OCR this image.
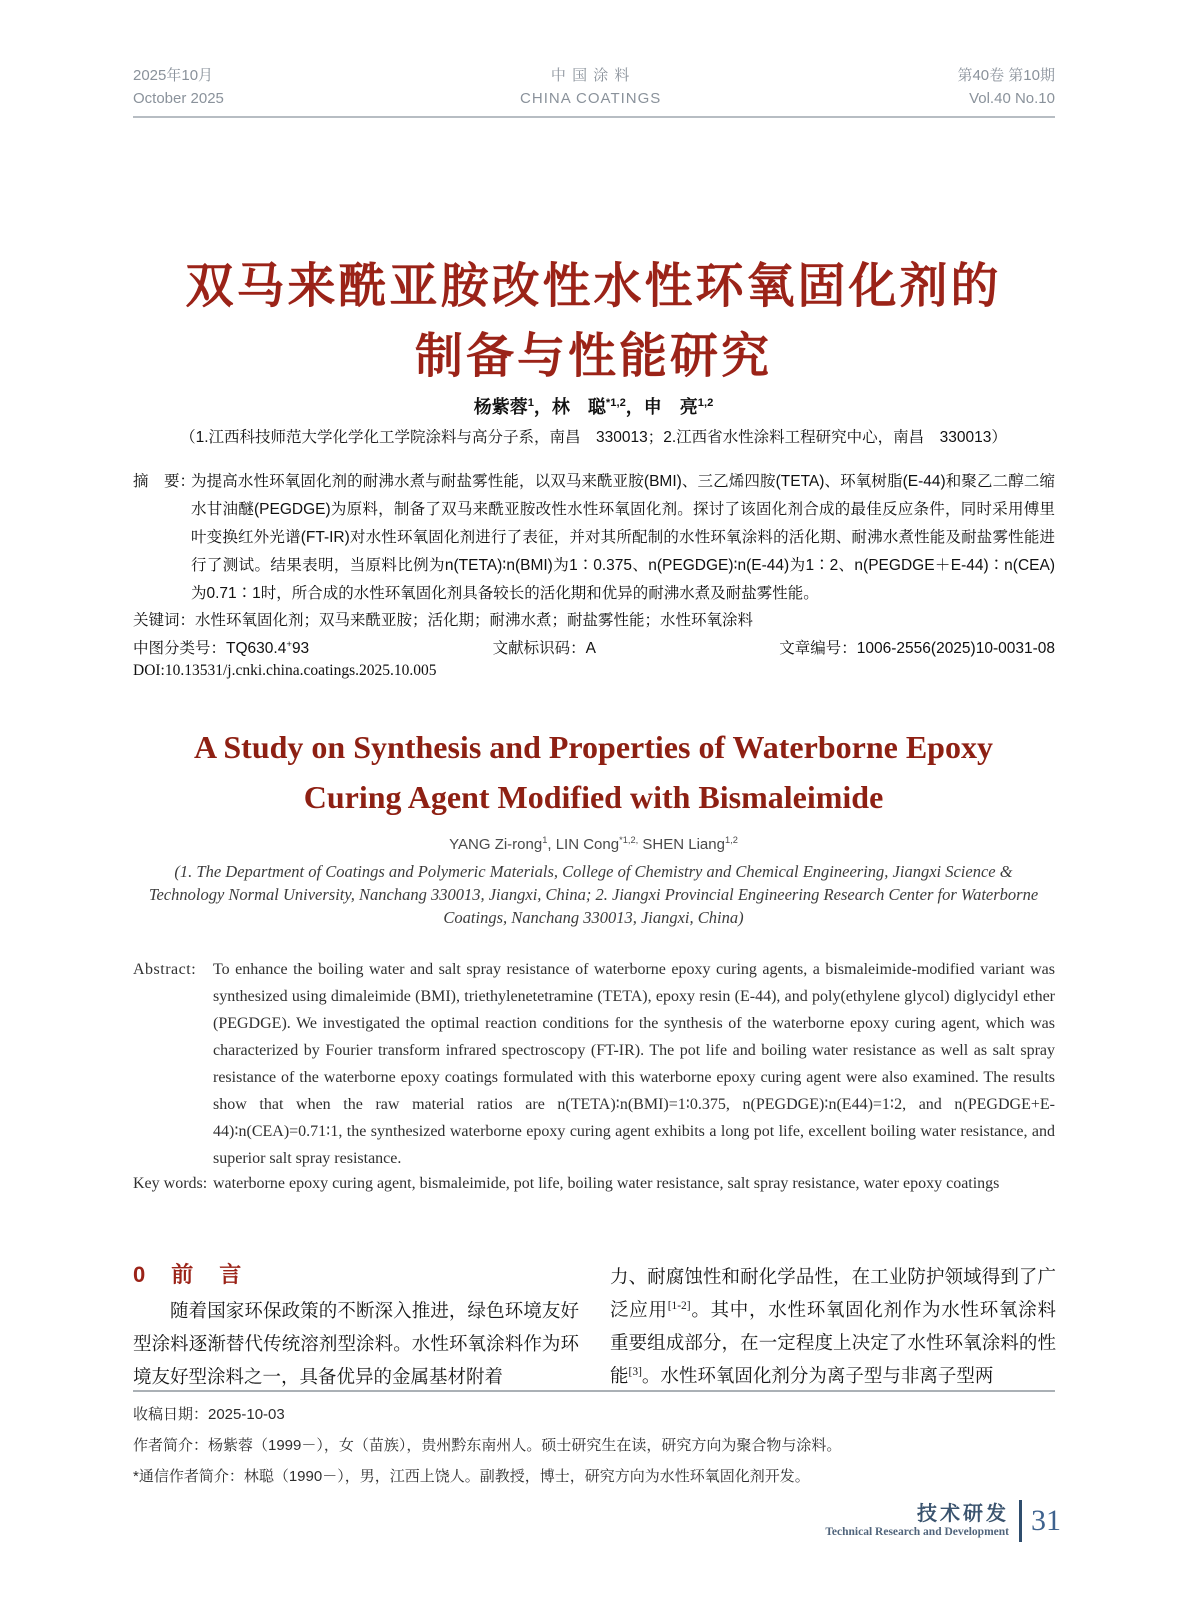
2025年10月
October 2025
中 国 涂 料
CHINA COATINGS
第40卷 第10期
Vol.40 No.10
双马来酰亚胺改性水性环氧固化剂的
制备与性能研究
杨紫蓉$^1$，林　聪$^{*1,2}$，申　亮$^{1,2}$
（1.江西科技师范大学化学化工学院涂料与高分子系，南昌　330013；2.江西省水性涂料工程研究中心，南昌　330013）
摘　要：
为提高水性环氧固化剂的耐沸水煮与耐盐雾性能，以双马来酰亚胺(BMI)、三乙烯四胺(TETA)、环氧树脂(E-44)和聚乙二醇二缩水甘油醚(PEGDGE)为原料，制备了双马来酰亚胺改性水性环氧固化剂。探讨了该固化剂合成的最佳反应条件，同时采用傅里叶变换红外光谱(FT-IR)对水性环氧固化剂进行了表征，并对其所配制的水性环氧涂料的活化期、耐沸水煮性能及耐盐雾性能进行了测试。结果表明，当原料比例为n(TETA)∶n(BMI)为1∶0.375、n(PEGDGE)∶n(E-44)为1∶2、n(PEGDGE＋E-44)∶n(CEA)为0.71∶1时，所合成的水性环氧固化剂具备较长的活化期和优异的耐沸水煮及耐盐雾性能。
关键词：水性环氧固化剂；双马来酰亚胺；活化期；耐沸水煮；耐盐雾性能；水性环氧涂料
中图分类号：TQ630.4+93	文献标识码：A	文章编号：1006-2556(2025)10-0031-08
DOI:10.13531/j.cnki.china.coatings.2025.10.005
A Study on Synthesis and Properties of Waterborne Epoxy
Curing Agent Modified with Bismaleimide
YANG Zi-rong$^1$, LIN Cong$^{*1,2,}$ SHEN Liang$^{1,2}$
(1. The Department of Coatings and Polymeric Materials, College of Chemistry and Chemical Engineering, Jiangxi Science & Technology Normal University, Nanchang 330013, Jiangxi, China; 2. Jiangxi Provincial Engineering Research Center for Waterborne Coatings, Nanchang 330013, Jiangxi, China)
Abstract:	To enhance the boiling water and salt spray resistance of waterborne epoxy curing agents, a bismaleimide-modified variant was synthesized using dimaleimide (BMI), triethylenetetramine (TETA), epoxy resin (E-44), and poly(ethylene glycol) diglycidyl ether (PEGDGE). We investigated the optimal reaction conditions for the synthesis of the waterborne epoxy curing agent, which was characterized by Fourier transform infrared spectroscopy (FT-IR). The pot life and boiling water resistance as well as salt spray resistance of the waterborne epoxy coatings formulated with this waterborne epoxy curing agent were also examined. The results show that when the raw material ratios are n(TETA)∶n(BMI)=1∶0.375, n(PEGDGE)∶n(E44)=1∶2, and n(PEGDGE+E-44)∶n(CEA)=0.71∶1, the synthesized waterborne epoxy curing agent exhibits a long pot life, excellent boiling water resistance, and superior salt spray resistance.
Key words: waterborne epoxy curing agent, bismaleimide, pot life, boiling water resistance, salt spray resistance, water epoxy coatings
0　前　言

随着国家环保政策的不断深入推进，绿色环境友好型涂料逐渐替代传统溶剂型涂料。水性环氧涂料作为环境友好型涂料之一，具备优异的金属基材附着

力、耐腐蚀性和耐化学品性，在工业防护领域得到了广泛应用[1-2]。其中，水性环氧固化剂作为水性环氧涂料重要组成部分，在一定程度上决定了水性环氧涂料的性能[3]。水性环氧固化剂分为离子型与非离子型两

收稿日期：2025-10-03
作者简介：杨紫蓉（1999－），女（苗族），贵州黔东南州人。硕士研究生在读，研究方向为聚合物与涂料。
*通信作者简介：林聪（1990－），男，江西上饶人。副教授，博士，研究方向为水性环氧固化剂开发。
技术研发
Technical Research and Development 31
